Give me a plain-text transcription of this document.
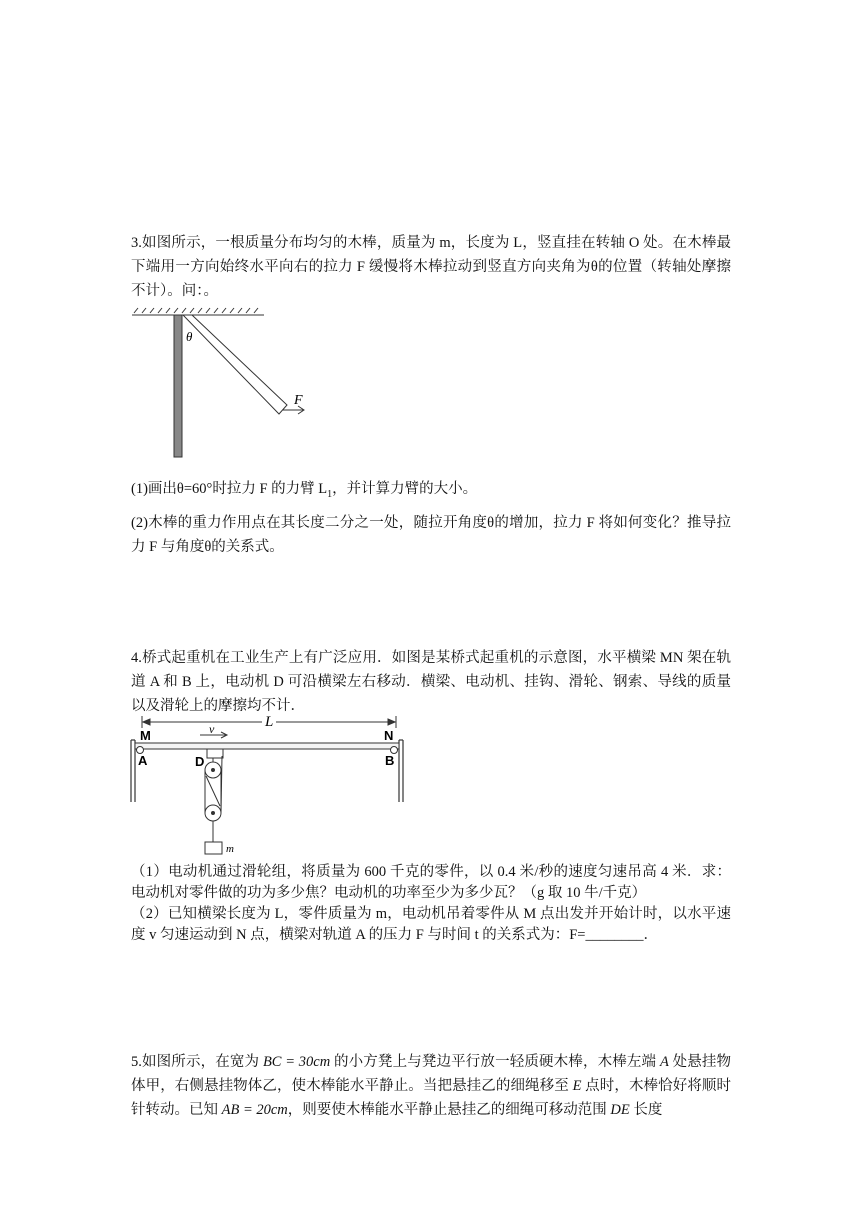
3.如图所示，一根质量分布均匀的木棒，质量为 m，长度为 L，竖直挂在转轴 O 处。在木棒最下端用一方向始终水平向右的拉力 F 缓慢将木棒拉动到竖直方向夹角为θ的位置（转轴处摩擦不计）。问：。

θ
F

(1)画出θ=60°时拉力 F 的力臂 $L_1$，并计算力臂的大小。

(2)木棒的重力作用点在其长度二分之一处，随拉开角度θ的增加，拉力 F 将如何变化？推导拉力 F 与角度θ的关系式。

4.桥式起重机在工业生产上有广泛应用．如图是某桥式起重机的示意图，水平横梁 MN 架在轨道 A 和 B 上，电动机 D 可沿横梁左右移动．横梁、电动机、挂钩、滑轮、钢索、导线的质量以及滑轮上的摩擦均不计．

L
v
M	N
A	B
D
m

（1）电动机通过滑轮组，将质量为 600 千克的零件，以 0.4 米/秒的速度匀速吊高 4 米．求：电动机对零件做的功为多少焦？电动机的功率至少为多少瓦？（g 取 10 牛/千克）

（2）已知横梁长度为 L，零件质量为 m，电动机吊着零件从 M 点出发并开始计时，以水平速度 v 匀速运动到 N 点，横梁对轨道 A 的压力 F 与时间 t 的关系式为：F=________．

5.如图所示，在宽为 BC = 30cm 的小方凳上与凳边平行放一轻质硬木棒，木棒左端 A 处悬挂物体甲，右侧悬挂物体乙，使木棒能水平静止。当把悬挂乙的细绳移至 E 点时，木棒恰好将顺时针转动。已知 AB = 20cm，则要使木棒能水平静止悬挂乙的细绳可移动范围 DE 长度
